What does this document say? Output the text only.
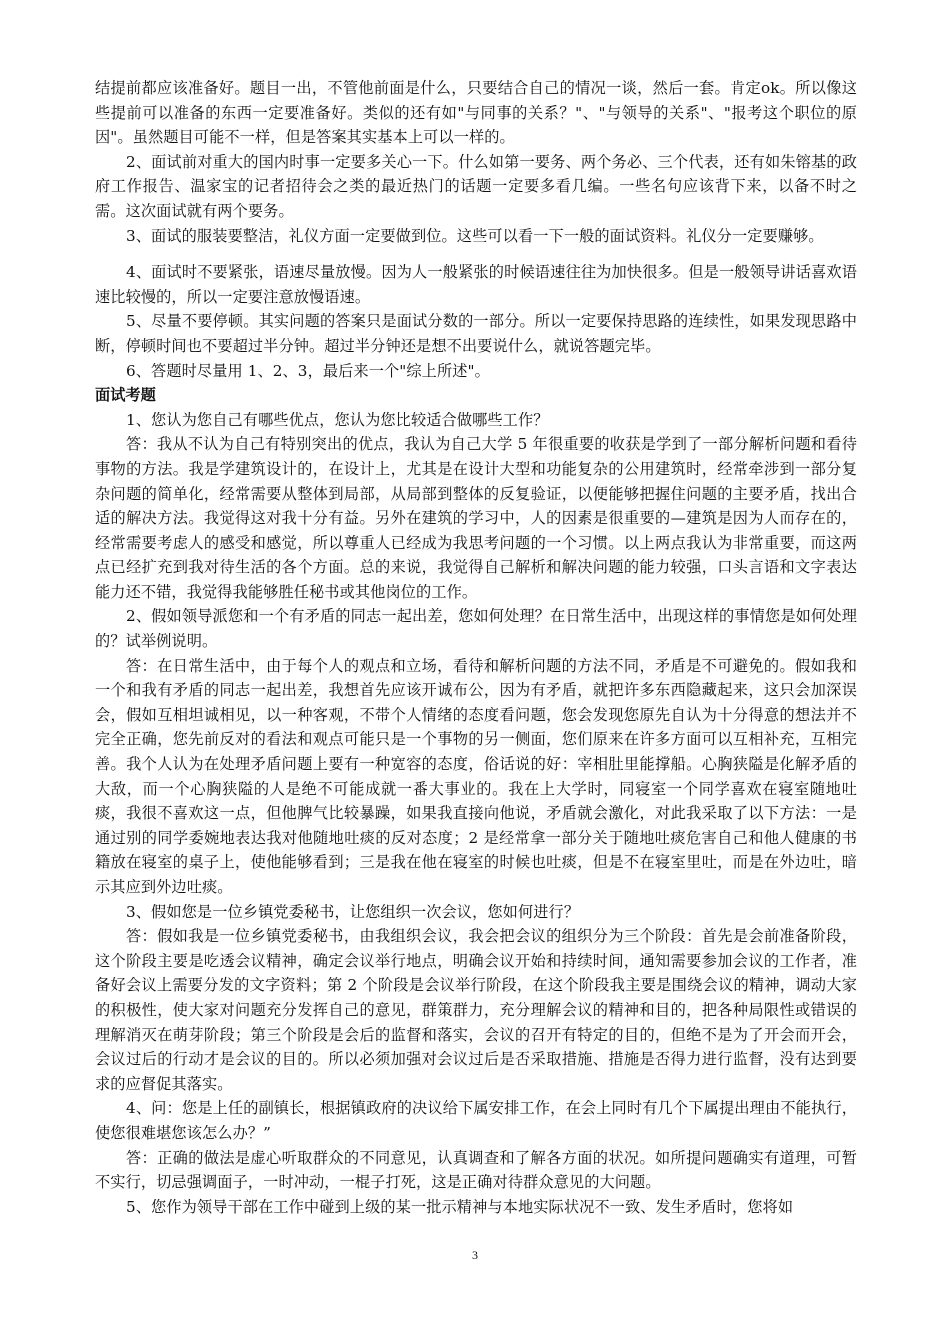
结提前都应该准备好。题目一出，不管他前面是什么，只要结合自己的情况一谈，然后一套。肯定ok。所以像这些提前可以准备的东西一定要准备好。类似的还有如"与同事的关系？"、"与领导的关系"、"报考这个职位的原因"。虽然题目可能不一样，但是答案其实基本上可以一样的。

2、面试前对重大的国内时事一定要多关心一下。什么如第一要务、两个务必、三个代表，还有如朱镕基的政府工作报告、温家宝的记者招待会之类的最近热门的话题一定要多看几编。一些名句应该背下来，以备不时之需。这次面试就有两个要务。

3、面试的服装要整洁，礼仪方面一定要做到位。这些可以看一下一般的面试资料。礼仪分一定要赚够。

4、面试时不要紧张，语速尽量放慢。因为人一般紧张的时候语速往往为加快很多。但是一般领导讲话喜欢语速比较慢的，所以一定要注意放慢语速。

5、尽量不要停顿。其实问题的答案只是面试分数的一部分。所以一定要保持思路的连续性，如果发现思路中断，停顿时间也不要超过半分钟。超过半分钟还是想不出要说什么，就说答题完毕。

6、答题时尽量用 1、2、3，最后来一个"综上所述"。

面试考题

1、您认为您自己有哪些优点，您认为您比较适合做哪些工作？

答：我从不认为自己有特别突出的优点，我认为自己大学 5 年很重要的收获是学到了一部分解析问题和看待事物的方法。我是学建筑设计的，在设计上，尤其是在设计大型和功能复杂的公用建筑时，经常牵涉到一部分复杂问题的简单化，经常需要从整体到局部，从局部到整体的反复验证，以便能够把握住问题的主要矛盾，找出合适的解决方法。我觉得这对我十分有益。另外在建筑的学习中，人的因素是很重要的—建筑是因为人而存在的，经常需要考虑人的感受和感觉，所以尊重人已经成为我思考问题的一个习惯。以上两点我认为非常重要，而这两点已经扩充到我对待生活的各个方面。总的来说，我觉得自己解析和解决问题的能力较强，口头言语和文字表达能力还不错，我觉得我能够胜任秘书或其他岗位的工作。

2、假如领导派您和一个有矛盾的同志一起出差，您如何处理？在日常生活中，出现这样的事情您是如何处理的？试举例说明。

答：在日常生活中，由于每个人的观点和立场，看待和解析问题的方法不同，矛盾是不可避免的。假如我和一个和我有矛盾的同志一起出差，我想首先应该开诚布公，因为有矛盾，就把许多东西隐藏起来，这只会加深误会，假如互相坦诚相见，以一种客观，不带个人情绪的态度看问题，您会发现您原先自认为十分得意的想法并不完全正确，您先前反对的看法和观点可能只是一个事物的另一侧面，您们原来在许多方面可以互相补充，互相完善。我个人认为在处理矛盾问题上要有一种宽容的态度，俗话说的好：宰相肚里能撑船。心胸狭隘是化解矛盾的大敌，而一个心胸狭隘的人是绝不可能成就一番大事业的。我在上大学时，同寝室一个同学喜欢在寝室随地吐痰，我很不喜欢这一点，但他脾气比较暴躁，如果我直接向他说，矛盾就会激化，对此我采取了以下方法：一是通过别的同学委婉地表达我对他随地吐痰的反对态度；2 是经常拿一部分关于随地吐痰危害自己和他人健康的书籍放在寝室的桌子上，使他能够看到；三是我在他在寝室的时候也吐痰，但是不在寝室里吐，而是在外边吐，暗示其应到外边吐痰。

3、假如您是一位乡镇党委秘书，让您组织一次会议，您如何进行？

答：假如我是一位乡镇党委秘书，由我组织会议，我会把会议的组织分为三个阶段：首先是会前准备阶段，这个阶段主要是吃透会议精神，确定会议举行地点，明确会议开始和持续时间，通知需要参加会议的工作者，准备好会议上需要分发的文字资料；第 2 个阶段是会议举行阶段，在这个阶段我主要是围绕会议的精神，调动大家的积极性，使大家对问题充分发挥自己的意见，群策群力，充分理解会议的精神和目的，把各种局限性或错误的理解消灭在萌芽阶段；第三个阶段是会后的监督和落实，会议的召开有特定的目的，但绝不是为了开会而开会，会议过后的行动才是会议的目的。所以必须加强对会议过后是否采取措施、措施是否得力进行监督，没有达到要求的应督促其落实。

4、问：您是上任的副镇长，根据镇政府的决议给下属安排工作，在会上同时有几个下属提出理由不能执行，使您很难堪您该怎么办？”

答：正确的做法是虚心听取群众的不同意见，认真调查和了解各方面的状况。如所提问题确实有道理，可暂不实行，切忌强调面子，一时冲动，一棍子打死，这是正确对待群众意见的大问题。

5、您作为领导干部在工作中碰到上级的某一批示精神与本地实际状况不一致、发生矛盾时，您将如

3
